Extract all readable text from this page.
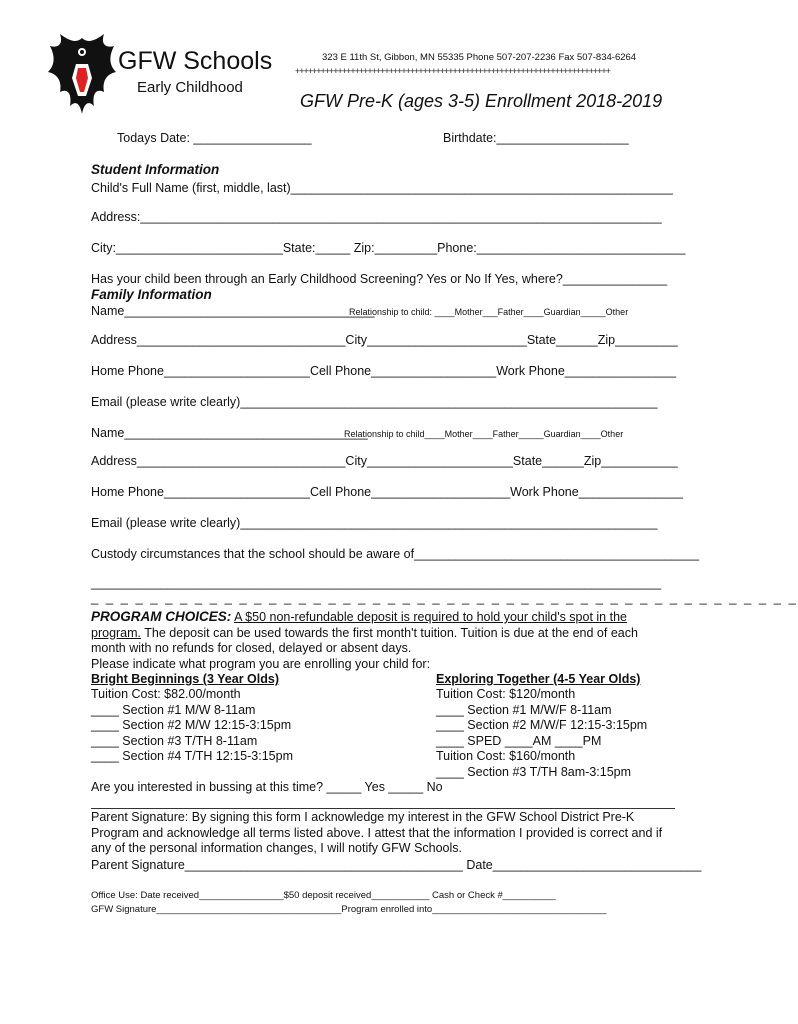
GFW Schools
Early Childhood
323 E 11th St, Gibbon, MN 55335 Phone 507-207-2236 Fax 507-834-6264
++++++++++++++++++++++++++++++++++++++++++++++++++++++++++++++++++++++++++
GFW Pre-K (ages 3-5) Enrollment 2018-2019
Todays Date: _________________	Birthdate:___________________
Student Information
Child's Full Name (first, middle, last)_______________________________________________________
Address:___________________________________________________________________________
City:________________________State:_____ Zip:_________Phone:______________________________
Has your child been through an Early Childhood Screening? Yes or No If Yes, where?_______________
Family Information
Name____________________________________
Relationship to child: ____Mother___Father____Guardian_____Other
Address______________________________City_______________________State______Zip_________
Home Phone_____________________Cell Phone__________________Work Phone________________
Email (please write clearly)____________________________________________________________
Name___________________________________
Relationship to child____Mother____Father_____Guardian____Other
Address______________________________City_____________________State______Zip___________
Home Phone_____________________Cell Phone____________________Work Phone_______________
Email (please write clearly)____________________________________________________________
Custody circumstances that the school should be aware of_________________________________________
__________________________________________________________________________________
_ _ _ _ _ _ _ _ _ _ _ _ _ _ _ _ _ _ _ _ _ _ _ _ _ _ _ _ _ _ _ _ _ _ _ _ _ _ _ _ _ _ _ _ _ _ _ _
PROGRAM CHOICES: A $50 non-refundable deposit is required to hold your child's spot in the
program. The deposit can be used towards the first month't tuition. Tuition is due at the end of each
month with no refunds for closed, delayed or absent days.
Please indicate what program you are enrolling your child for:
Bright Beginnings (3 Year Olds)
Tuition Cost: $82.00/month
____ Section #1 M/W 8-11am
____ Section #2 M/W 12:15-3:15pm
____ Section #3 T/TH 8-11am
____ Section #4 T/TH 12:15-3:15pm
Exploring Together (4-5 Year Olds)
Tuition Cost: $120/month
____ Section #1 M/W/F 8-11am
____ Section #2 M/W/F 12:15-3:15pm
____ SPED ____AM ____PM
Tuition Cost: $160/month
____ Section #3 T/TH 8am-3:15pm
Are you interested in bussing at this time? _____ Yes _____ No
Parent Signature: By signing this form I acknowledge my interest in the GFW School District Pre-K
Program and acknowledge all terms listed above. I attest that the information I provided is correct and if
any of the personal information changes, I will notify GFW Schools.
Parent Signature________________________________________ Date______________________________
Office Use: Date received________________$50 deposit received___________ Cash or Check #__________
GFW Signature___________________________________Program enrolled into_________________________________
